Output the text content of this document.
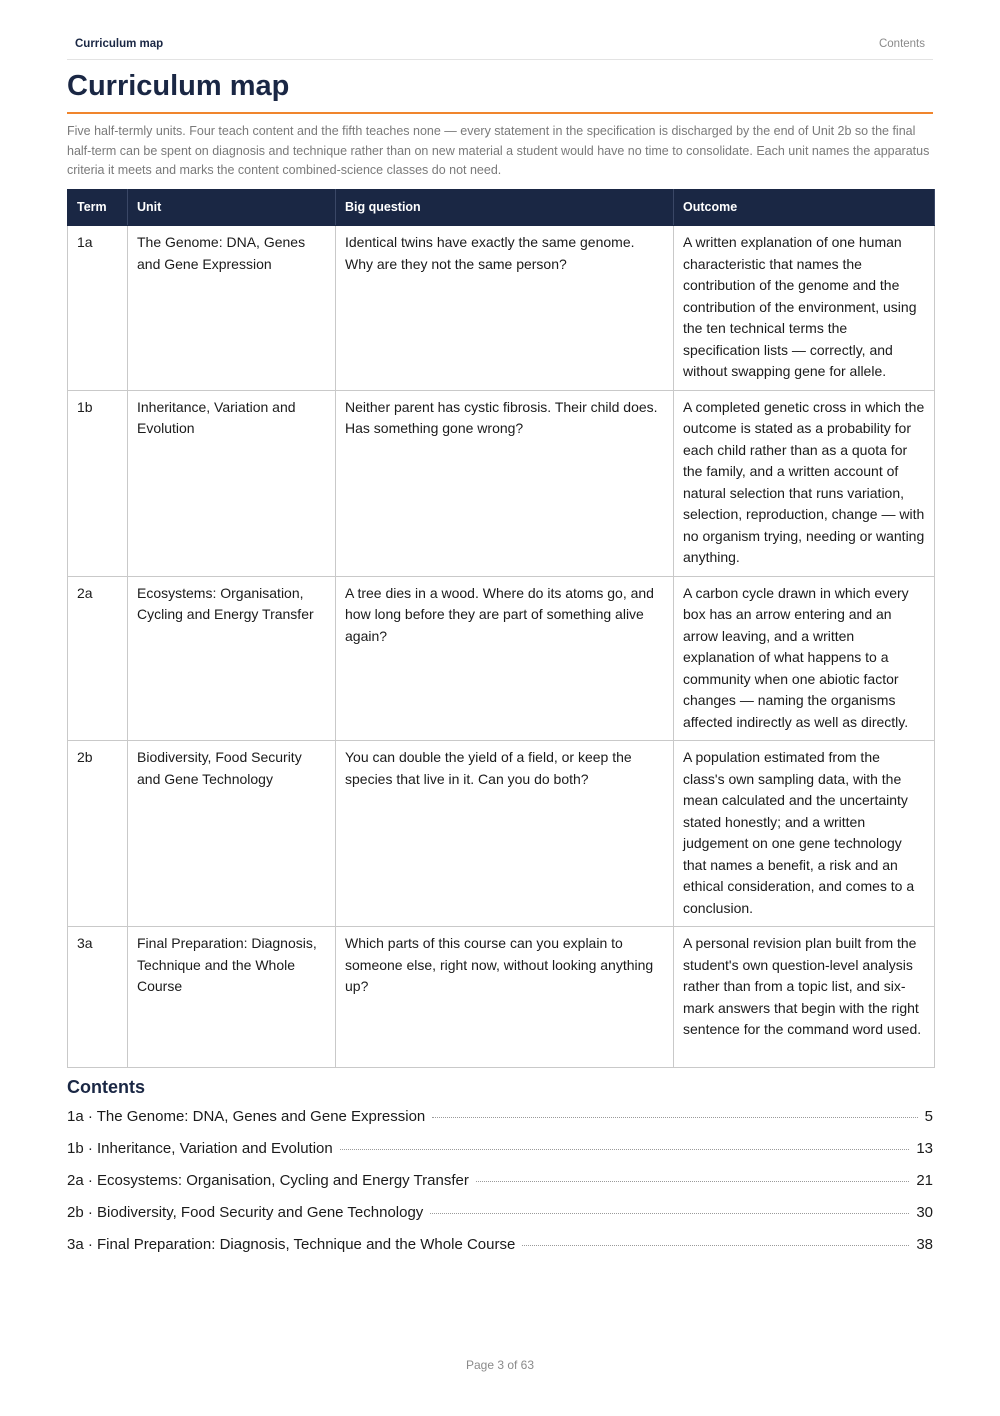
Curriculum map	Contents
Curriculum map

Five half-termly units. Four teach content and the fifth teaches none — every statement in the specification is discharged by the end of Unit 2b so the final half-term can be spent on diagnosis and technique rather than on new material a student would have no time to consolidate. Each unit names the apparatus criteria it meets and marks the content combined-science classes do not need.

Term	Unit	Big question	Outcome
1a	The Genome: DNA, Genes and Gene Expression	Identical twins have exactly the same genome. Why are they not the same person?	A written explanation of one human characteristic that names the contribution of the genome and the contribution of the environment, using the ten technical terms the specification lists — correctly, and without swapping gene for allele.
1b	Inheritance, Variation and Evolution	Neither parent has cystic fibrosis. Their child does. Has something gone wrong?	A completed genetic cross in which the outcome is stated as a probability for each child rather than as a quota for the family, and a written account of natural selection that runs variation, selection, reproduction, change — with no organism trying, needing or wanting anything.
2a	Ecosystems: Organisation, Cycling and Energy Transfer	A tree dies in a wood. Where do its atoms go, and how long before they are part of something alive again?	A carbon cycle drawn in which every box has an arrow entering and an arrow leaving, and a written explanation of what happens to a community when one abiotic factor changes — naming the organisms affected indirectly as well as directly.
2b	Biodiversity, Food Security and Gene Technology	You can double the yield of a field, or keep the species that live in it. Can you do both?	A population estimated from the class's own sampling data, with the mean calculated and the uncertainty stated honestly; and a written judgement on one gene technology that names a benefit, a risk and an ethical consideration, and comes to a conclusion.
3a	Final Preparation: Diagnosis, Technique and the Whole Course	Which parts of this course can you explain to someone else, right now, without looking anything up?	A personal revision plan built from the student's own question-level analysis rather than from a topic list, and six-mark answers that begin with the right sentence for the command word used.
Contents
1a · The Genome: DNA, Genes and Gene Expression	5
1b · Inheritance, Variation and Evolution	13
2a · Ecosystems: Organisation, Cycling and Energy Transfer	21
2b · Biodiversity, Food Security and Gene Technology	30
3a · Final Preparation: Diagnosis, Technique and the Whole Course	38
Page 3 of 63
